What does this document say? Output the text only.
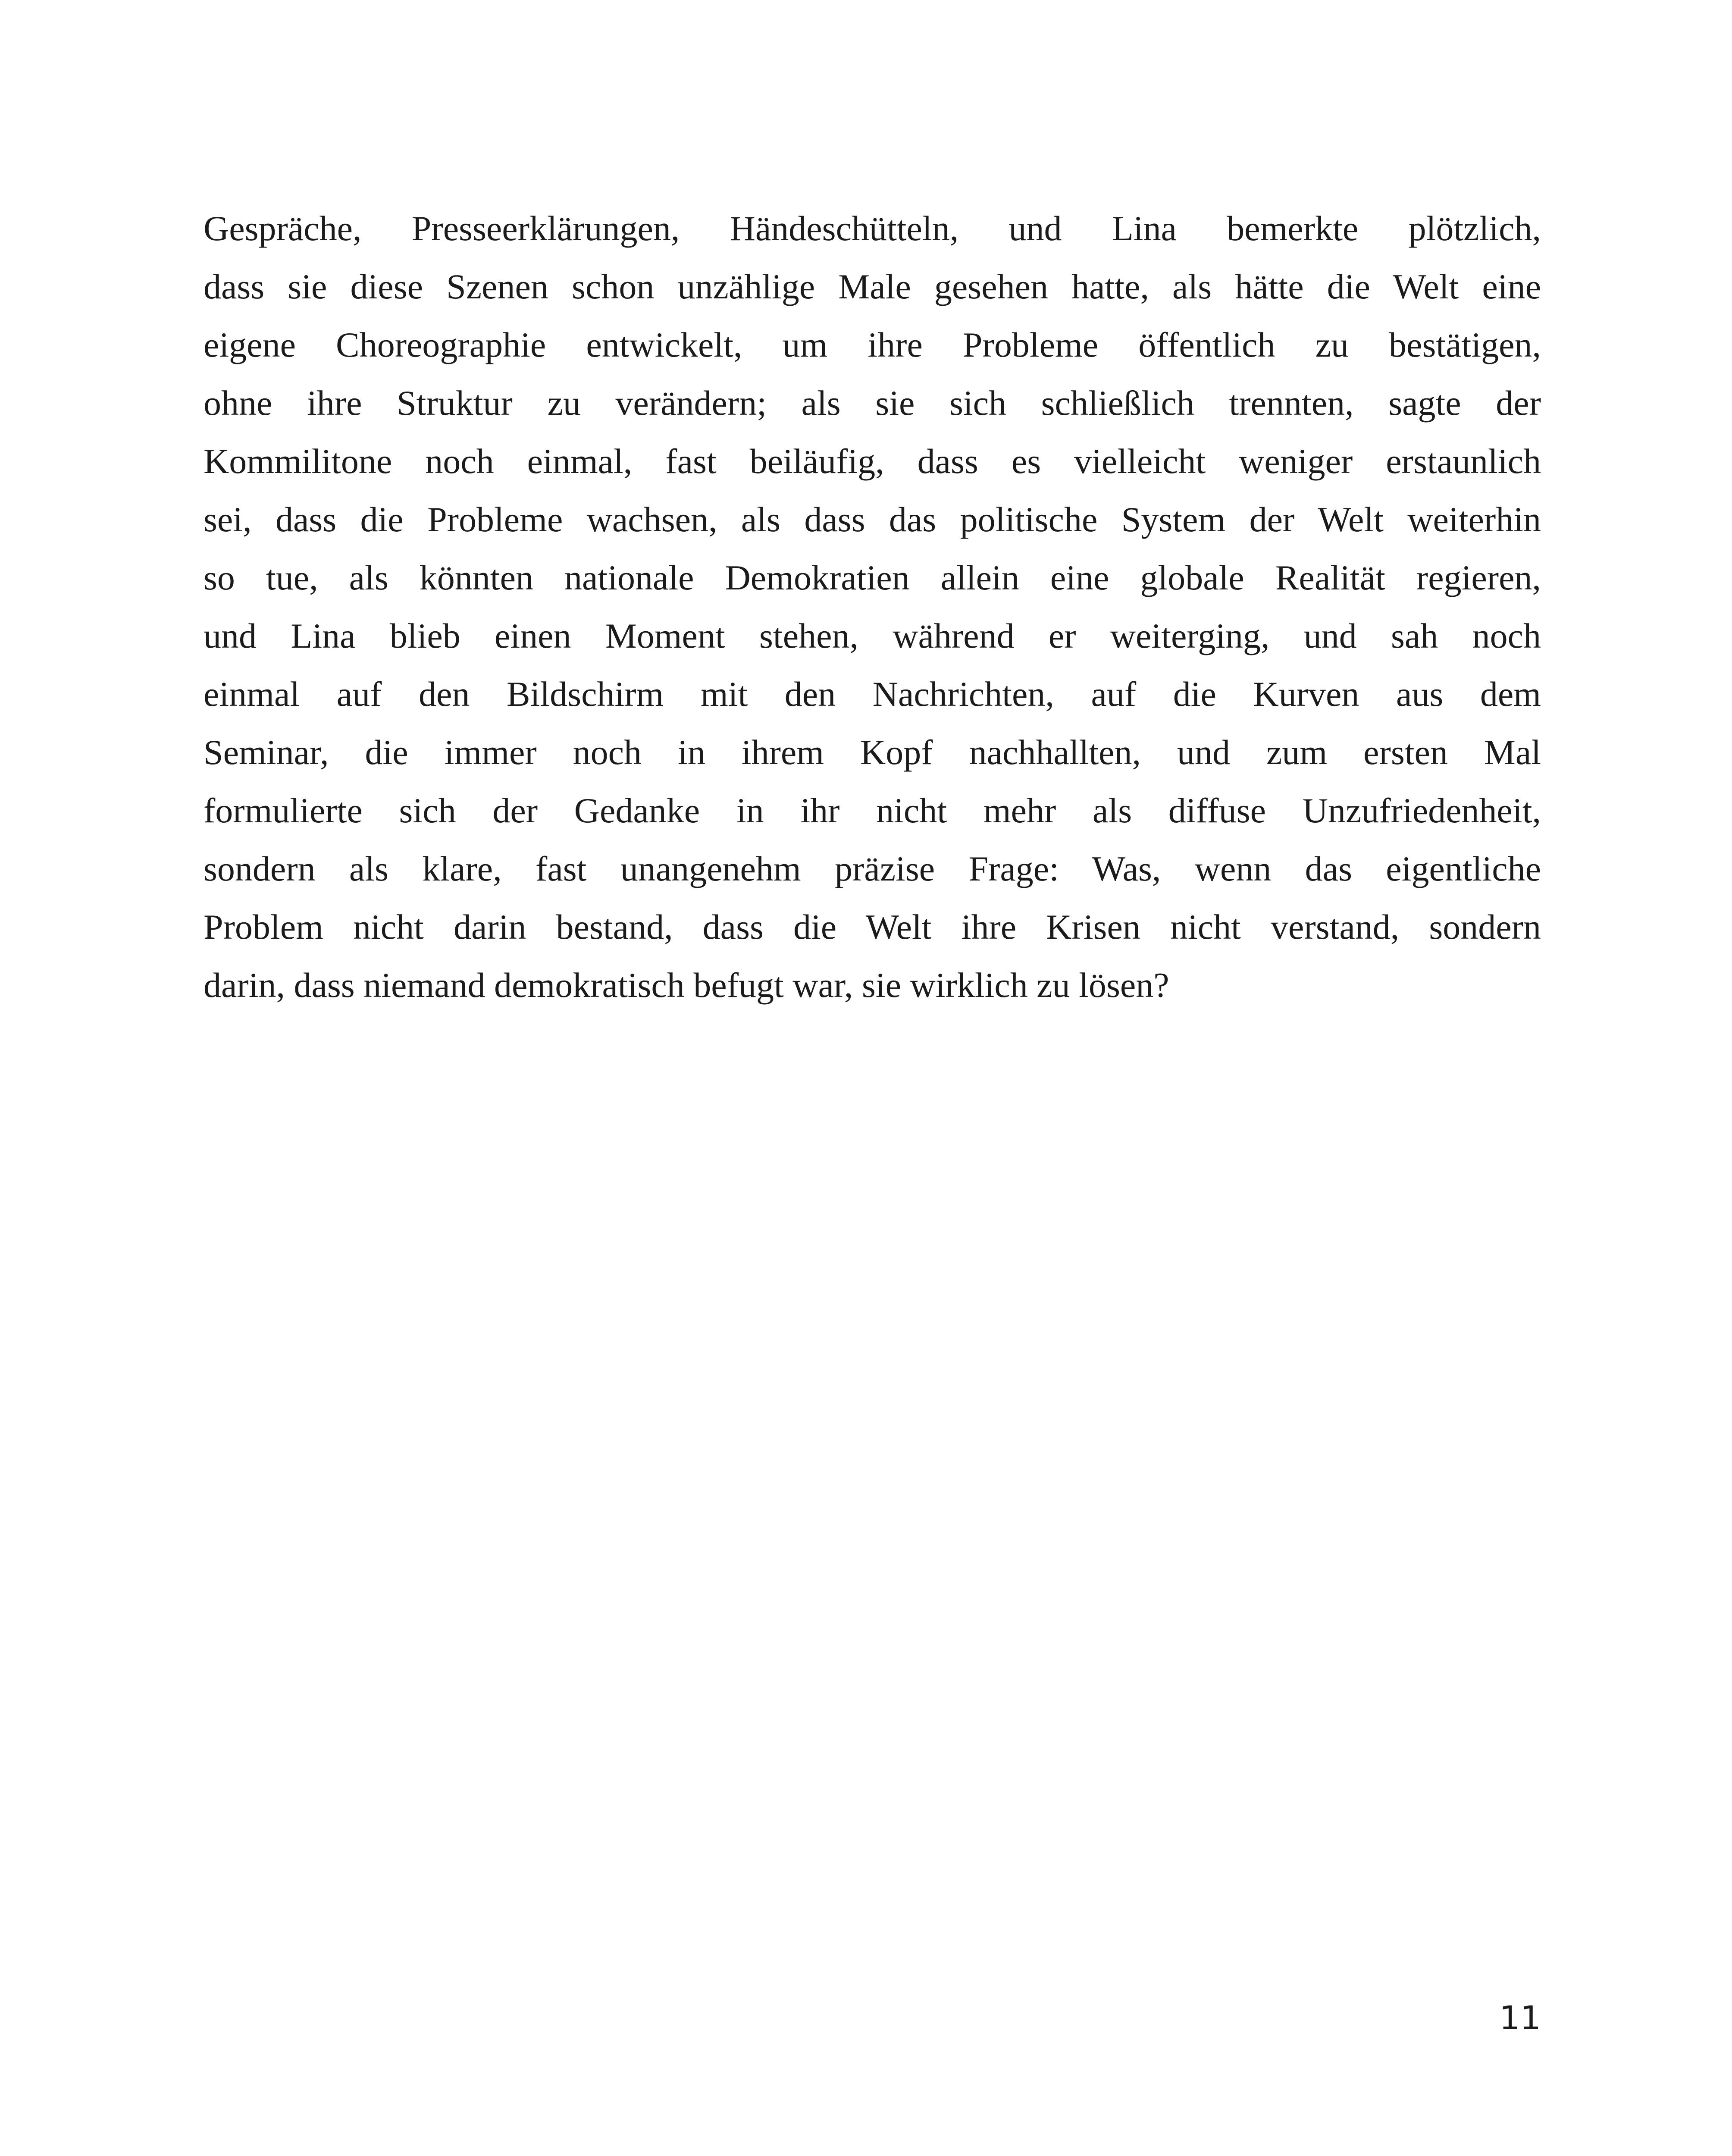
Gespräche, Presseerklärungen, Händeschütteln, und Lina bemerkte plötzlich,
dass sie diese Szenen schon unzählige Male gesehen hatte, als hätte die Welt eine
eigene Choreographie entwickelt, um ihre Probleme öffentlich zu bestätigen,
ohne ihre Struktur zu verändern; als sie sich schließlich trennten, sagte der
Kommilitone noch einmal, fast beiläufig, dass es vielleicht weniger erstaunlich
sei, dass die Probleme wachsen, als dass das politische System der Welt weiterhin
so tue, als könnten nationale Demokratien allein eine globale Realität regieren,
und Lina blieb einen Moment stehen, während er weiterging, und sah noch
einmal auf den Bildschirm mit den Nachrichten, auf die Kurven aus dem
Seminar, die immer noch in ihrem Kopf nachhallten, und zum ersten Mal
formulierte sich der Gedanke in ihr nicht mehr als diffuse Unzufriedenheit,
sondern als klare, fast unangenehm präzise Frage: Was, wenn das eigentliche
Problem nicht darin bestand, dass die Welt ihre Krisen nicht verstand, sondern
darin, dass niemand demokratisch befugt war, sie wirklich zu lösen?
11
